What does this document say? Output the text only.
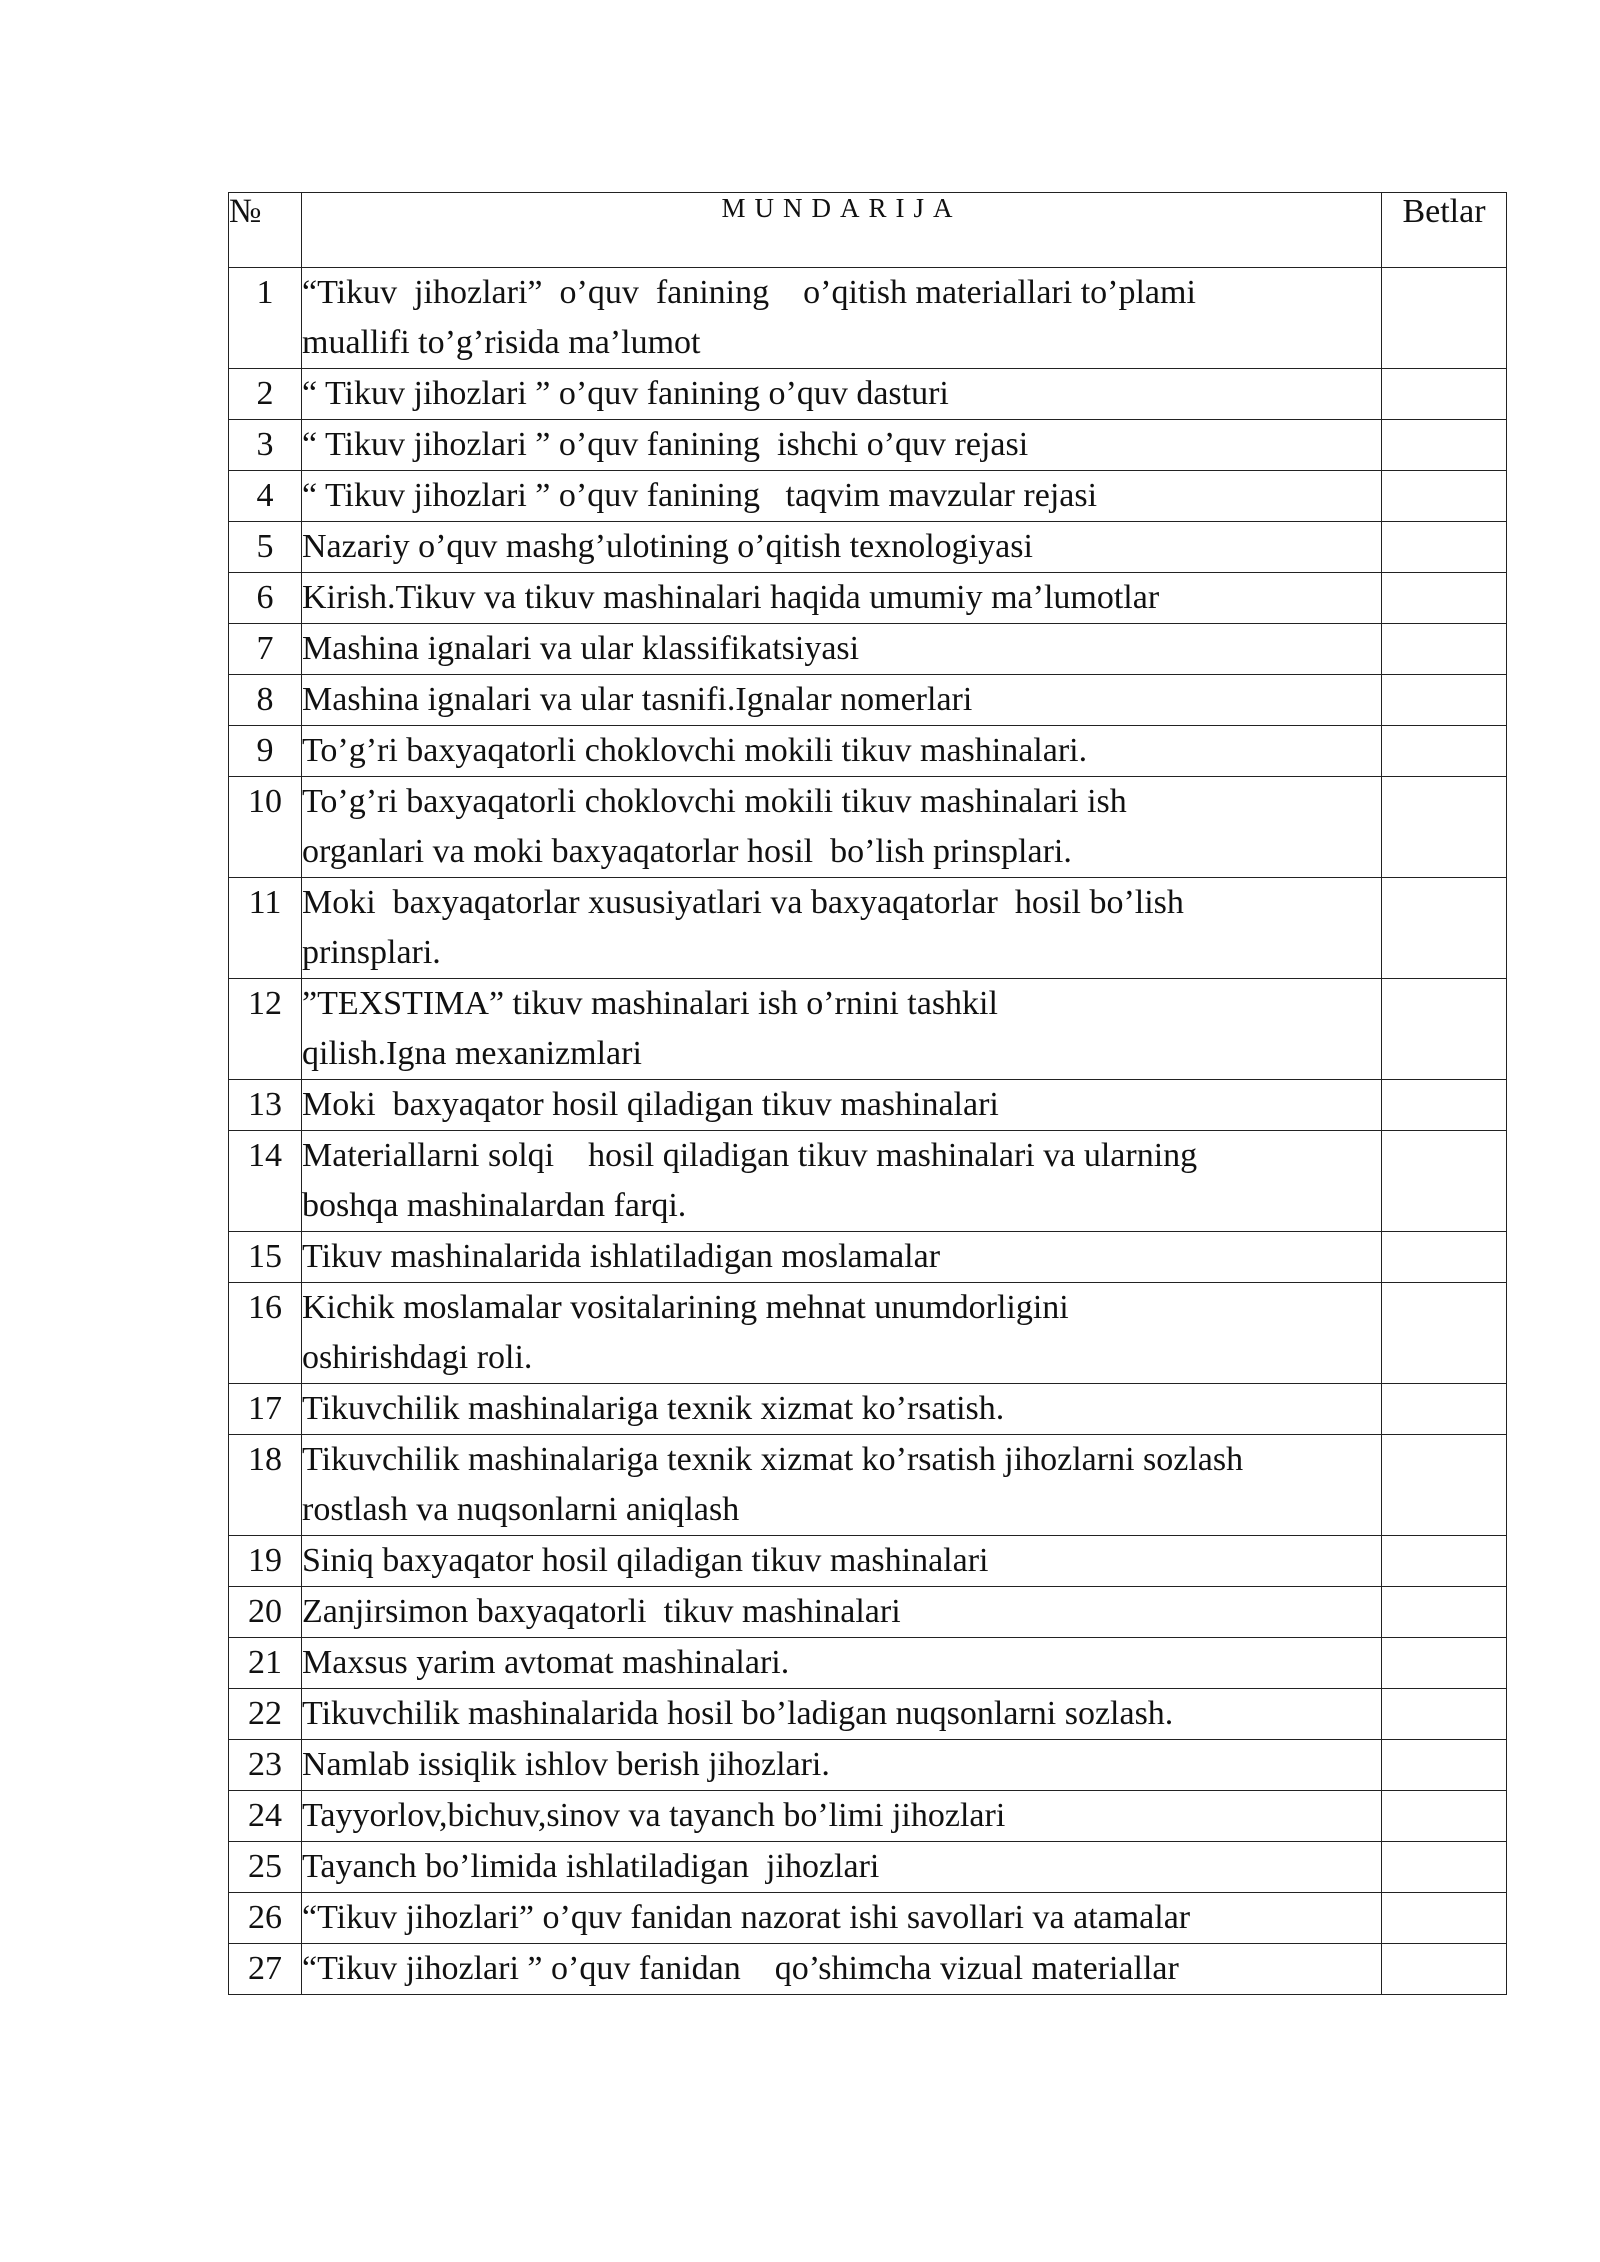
№	MUNDARIJA	Betlar
1	“Tikuv  jihozlari”  o’quv  fanining    o’qitish materiallari to’plami
muallifi to’g’risida ma’lumot	
2	“ Tikuv jihozlari ” o’quv fanining o’quv dasturi	
3	“ Tikuv jihozlari ” o’quv fanining  ishchi o’quv rejasi	
4	“ Tikuv jihozlari ” o’quv fanining   taqvim mavzular rejasi	
5	Nazariy o’quv mashg’ulotining o’qitish texnologiyasi	
6	Kirish.Tikuv va tikuv mashinalari haqida umumiy ma’lumotlar	
7	Mashina ignalari va ular klassifikatsiyasi	
8	Mashina ignalari va ular tasnifi.Ignalar nomerlari	
9	To’g’ri baxyaqatorli choklovchi mokili tikuv mashinalari.	
10	To’g’ri baxyaqatorli choklovchi mokili tikuv mashinalari ish
organlari va moki baxyaqatorlar hosil  bo’lish prinsplari.	
11	Moki  baxyaqatorlar xususiyatlari va baxyaqatorlar  hosil bo’lish
prinsplari.	
12	”TEXSTIMA” tikuv mashinalari ish o’rnini tashkil
qilish.Igna mexanizmlari	
13	Moki  baxyaqator hosil qiladigan tikuv mashinalari	
14	Materiallarni solqi    hosil qiladigan tikuv mashinalari va ularning
boshqa mashinalardan farqi.	
15	Tikuv mashinalarida ishlatiladigan moslamalar	
16	Kichik moslamalar vositalarining mehnat unumdorligini
oshirishdagi roli.	
17	Tikuvchilik mashinalariga texnik xizmat ko’rsatish.	
18	Tikuvchilik mashinalariga texnik xizmat ko’rsatish jihozlarni sozlash
rostlash va nuqsonlarni aniqlash	
19	Siniq baxyaqator hosil qiladigan tikuv mashinalari	
20	Zanjirsimon baxyaqatorli  tikuv mashinalari	
21	Maxsus yarim avtomat mashinalari.	
22	Tikuvchilik mashinalarida hosil bo’ladigan nuqsonlarni sozlash.	
23	Namlab issiqlik ishlov berish jihozlari.	
24	Tayyorlov,bichuv,sinov va tayanch bo’limi jihozlari	
25	Tayanch bo’limida ishlatiladigan  jihozlari	
26	“Tikuv jihozlari” o’quv fanidan nazorat ishi savollari va atamalar	
27	“Tikuv jihozlari ” o’quv fanidan    qo’shimcha vizual materiallar	
